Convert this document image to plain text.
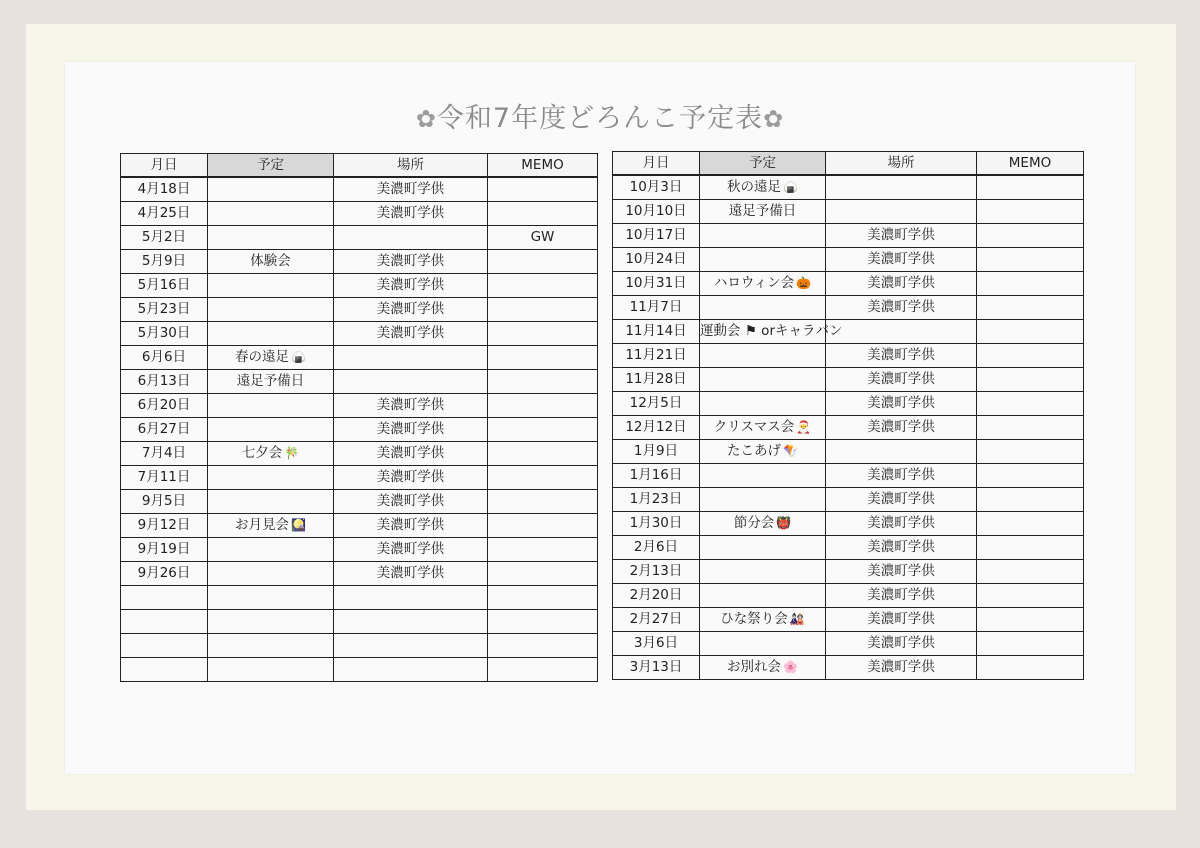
✿令和7年度どろんこ予定表✿
月日	予定	場所	MEMO
4月18日		美濃町学供	
4月25日		美濃町学供	
5月2日			GW
5月9日	体験会	美濃町学供	
5月16日		美濃町学供	
5月23日		美濃町学供	
5月30日		美濃町学供	
6月6日	春の遠足 🍙		
6月13日	遠足予備日		
6月20日		美濃町学供	
6月27日		美濃町学供	
7月4日	七夕会 🎋	美濃町学供	
7月11日		美濃町学供	
9月5日		美濃町学供	
9月12日	お月見会 🎑	美濃町学供	
9月19日		美濃町学供	
9月26日		美濃町学供	

月日	予定	場所	MEMO
10月3日	秋の遠足 🍙		
10月10日	遠足予備日		
10月17日		美濃町学供	
10月24日		美濃町学供	
10月31日	ハロウィン会 🎃	美濃町学供	
11月7日		美濃町学供	
11月14日	運動会 ⚑ orキャラバン		
11月21日		美濃町学供	
11月28日		美濃町学供	
12月5日		美濃町学供	
12月12日	クリスマス会 🎅	美濃町学供	
1月9日	たこあげ 🪁		
1月16日		美濃町学供	
1月23日		美濃町学供	
1月30日	節分会 👹	美濃町学供	
2月6日		美濃町学供	
2月13日		美濃町学供	
2月20日		美濃町学供	
2月27日	ひな祭り会 🎎	美濃町学供	
3月6日		美濃町学供	
3月13日	お別れ会 🌸	美濃町学供	
